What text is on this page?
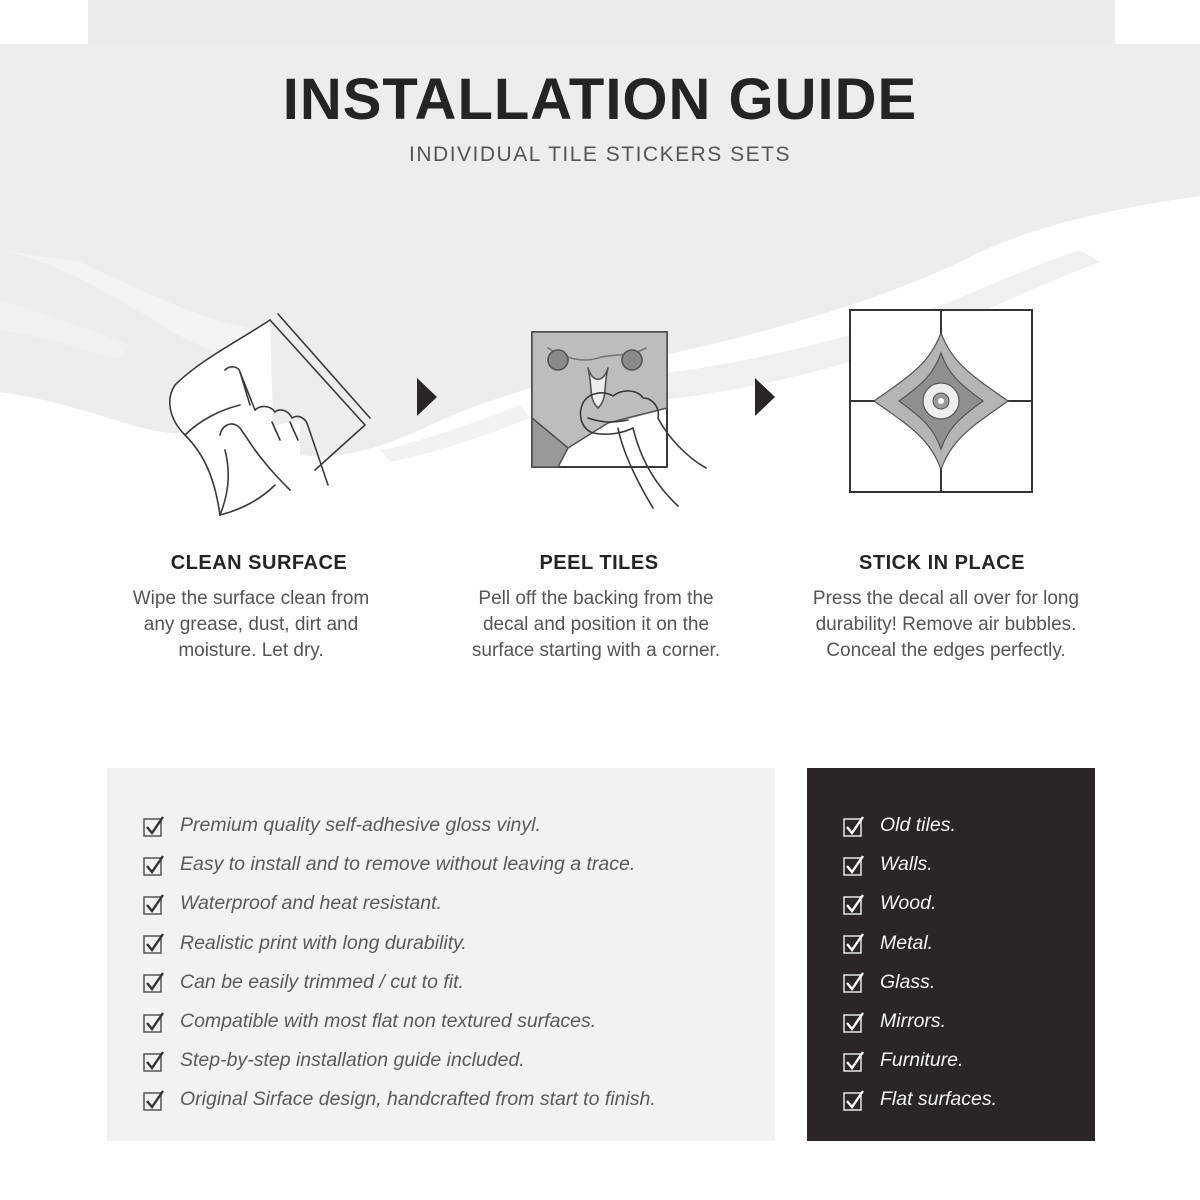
INSTALLATION GUIDE
INDIVIDUAL TILE STICKERS SETS
CLEAN SURFACE
Wipe the surface clean from
any grease, dust, dirt and
moisture. Let dry.
PEEL TILES
Pell off the backing from the
decal and position it on the
surface starting with a corner.
STICK IN PLACE
Press the decal all over for long
durability! Remove air bubbles.
Conceal the edges perfectly.
Premium quality self-adhesive gloss vinyl.
Easy to install and to remove without leaving a trace.
Waterproof and heat resistant.
Realistic print with long durability.
Can be easily trimmed / cut to fit.
Compatible with most flat non textured surfaces.
Step-by-step installation guide included.
Original Sirface design, handcrafted from start to finish.
Old tiles.
Walls.
Wood.
Metal.
Glass.
Mirrors.
Furniture.
Flat surfaces.
